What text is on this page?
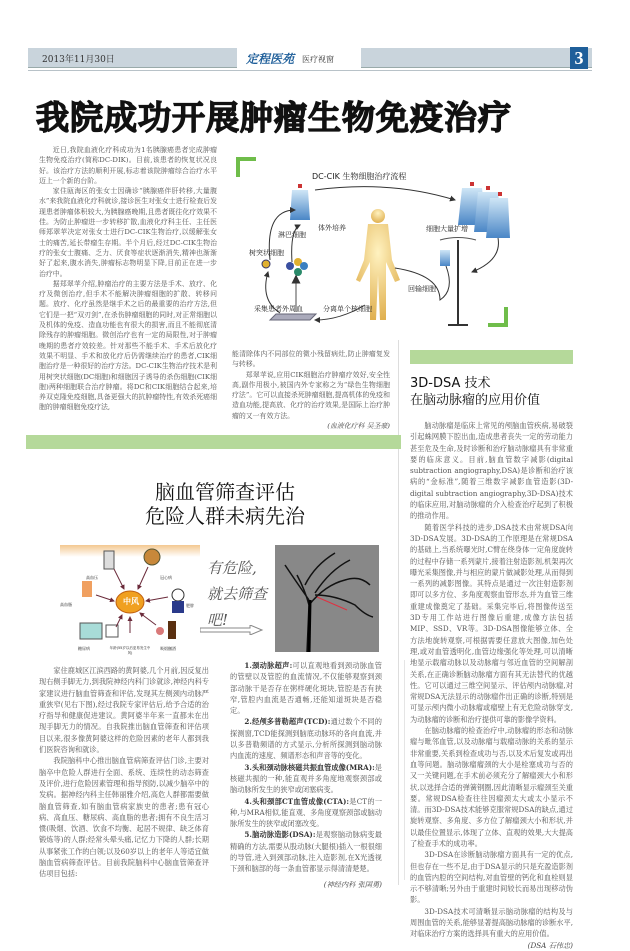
2013年11月30日	定程医苑 医疗视窗	3
我院成功开展肿瘤生物免疫治疗

近日,我院血液化疗科成功为1名胰腺癌患者完成肿瘤生物免疫治疗(简称DC-DIK)。目前,该患者的恢复状况良好。该治疗方法的顺利开展,标志着该院肿瘤综合治疗水平迈上一个新的台阶。

家住瓯海区的张女士因确诊“胰腺癌伴肝转移,大量腹水”来我院血液化疗科就诊,接诊医生对张女士进行检查后发现患者肿瘤体积较大,为胰腺癌晚期,且患者既往化疗效果不佳。为防止肿瘤进一步转移扩散,血液化疗科主任、主任医师郑翠苹决定对张女士进行DC-CIK生物治疗,以缓解张女士的痛苦,延长带瘤生存期。半个月后,经过DC-CIK生物治疗的张女士腹痛、乏力、厌食等症状逐渐消失,精神也渐渐好了起来,腹水消失,肿瘤标志物明显下降,目前正在进一步治疗中。

据郑翠苹介绍,肿瘤治疗的主要方法是手术、放疗、化疗及微创治疗,但手术不能解决肿瘤细胞的扩散、转移问题。放疗、化疗虽然是继手术之后的最重要的治疗方法,但它们是一把“双刃剑”,在杀伤肿瘤细胞的同时,对正常细胞以及机体的免疫、造血功能也有很大的损害,而且不能彻底清除残存的肿瘤细胞。微创治疗也有一定的局限性,对于肿瘤晚期的患者疗效较差。针对那些不能手术、手术后放化疗效果不明显、手术和放化疗后仍需继续治疗的患者,CIK细胞治疗是一种很好的治疗方法。DC-CIK生物治疗技术是利用树突状细胞(DC细胞)和细胞因子诱导的杀伤细胞(CIK细胞)两种细胞联合治疗肿瘤。将DC和CIK细胞结合起来,培养双克隆免疫细胞,具备更强大的抗肿瘤特性,有效杀死癌细胞的肿瘤细胞免疫疗法,

DC-CIK 生物细胞治疗流程
体外培养	细胞大量扩增
淋巴细胞
树突状细胞
回输细胞
采集患者外周血	分离单个核细胞

能清除体内不同部位的微小残留病灶,防止肿瘤复发与转移。

郑翠苹说,应用CIK细胞治疗肿瘤疗效好,安全性高,副作用极小,被国内外专家称之为“绿色生物细胞疗法”。它可以直接杀死肿瘤细胞,提高机体的免疫和造血功能,提高放、化疗的治疗效果,是国际上治疗肿瘤的又一有效方法。

(血液化疗科 吴圣豪)
脑血管筛查评估
危险人群未病先治
中风
高血压	冠心病
高血脂	肥胖
糖尿病	年龄(55岁以后更易发生中风)
吸烟酗酒
有危险,
就去筛查
吧!

家住鹿城区江滨西路的黄阿婆,几个月前,因反复出现右侧手脚无力,到我院神经内科门诊就诊,神经内科专家建议进行脑血管筛查和评估,发现其左侧颈内动脉严重狭窄(见右下图),经过我院专家评估后,给予合适的治疗指导和健康促进建议。黄阿婆半年来一直都未在出现手脚无力的情况。自我院推出脑血管筛查和评估项目以来,很多像黄阿婆这样的危险因素的老年人都到我们医院咨询和就诊。

我院脑科中心推出脑血管病筛查评估门诊,主要对脑卒中危险人群进行全面、系统、连续性的动态筛查及评价,进行危险因素管理和指导预防,以减少脑卒中的发病。据神经内科主任韩丽雅介绍,高危人群都需要做脑血管筛查,如有脑血管病家族史的患者;患有冠心病、高血压、糖尿病、高血脂的患者;拥有不良生活习惯(吸烟、饮酒、饮食不均衡、起居不规律、缺乏体育锻炼等)的人群;经常头晕头痛,记忆力下降的人群;长期从事紧张工作的白领;以及60岁以上的老年人等适宜做脑血管病筛查评估。目前我院脑科中心脑血管筛查评估项目包括:

1.颈动脉超声:可以直观地看到颈动脉血管的管壁以及管腔的血流情况,不仅能够观察到颈部动脉干是否存在粥样硬化斑块,管腔是否有狭窄,管腔内血流是否通畅,还能知道斑块是否稳定。

2.经颅多普勒超声(TCD):通过数个不同的探测窗,TCD能探测到脑底动脉环的各向血流,并以多普勒频谱的方式显示,分析所探测到脑动脉内血流的速度、频谱形态和声音等的变化。

3.头和颈动脉核磁共振血管成像(MRA):是核磁共振的一种,能直观并多角度地观察颈部或脑动脉所发生的狭窄或闭塞病变。

4.头和颈部CT血管成像(CTA):是CT的一种,与MRA相似,能直观、多角度观察颈部或脑动脉所发生的狭窄或闭塞改变。

5.脑动脉造影(DSA):是观察脑动脉病变最精确的方法,需要从股动脉(大腿根)插入一根很细的导管,进入到颈部动脉,注入造影剂,在X光透视下颈和脑部的每一条血管都显示得清清楚楚。

(神经内科 张国勇)
3D-DSA 技术
在脑动脉瘤的应用价值

脑动脉瘤是临床上常见的颅脑血管疾病,易破裂引起蛛网膜下腔出血,造成患者丧失一定的劳动能力甚至危及生命,及时诊断和治疗脑动脉瘤具有非常重要的临床意义。目前,脑血管数字减影(digital subtraction angiography,DSA)是诊断和治疗该病的“金标准”,随着三维数字减影血管造影(3D-digital subtraction angiography,3D-DSA)技术的临床应用,对脑动脉瘤的介入检查治疗起到了积极的推动作用。

随着医学科技的进步,DSA技术由常规DSA向3D-DSA发展。3D-DSA的工作原理是在常规DSA的基础上,当系统曝光时,C臂在绕身体一定角度旋转的过程中存储一系列蒙片,接着注射造影剂,机架再次曝光采集图像,并与相应的蒙片做减影处理,从而得到一系列的减影图像。其特点是通过一次注射造影剂即可以多方位、多角度观察血管形态,并为血管三维重建成像奠定了基础。采集完毕后,将图像传送至3D专用工作站进行图像后重建,成像方法包括MIP、SSD、VR等。3D-DSA图像能够立体、全方法地旋转观察,可根据需要任意放大图像,加色处理,或对血管透明化,血管边缘强化等处理,可以清晰地显示载瘤动脉以及动脉瘤与邻近血管的空间解剖关系,在正确诊断脑动脉瘤方面有其无法替代的优越性。它可以通过三维空间显示、评估颅内动脉瘤,对常规DSA无法显示的动脉瘤作出正确的诊断,特别是可显示颅内微小动脉瘤或瘤壁上有无危险动脉穿支,为动脉瘤的诊断和治疗提供可靠的影像学资料。

在脑动脉瘤的检查治疗中,动脉瘤的形态和动脉瘤与毗邻血管,以及动脉瘤与载瘤动脉的关系的显示非常重要,关系到检查成功与否,以及术后复发或再出血等问题。脑动脉瘤瘤颈的大小是栓塞成功与否的又一关键问题,在手术前必须充分了解瘤颈大小和形状,以选择合适的弹簧钢圈,因此清晰显示瘤颈至关重要。常规DSA检查往往因瘤颈太大或太小显示不清。而3D-DSA技术能够克服常规DSA的缺点,通过旋转观察、多角度、多方位了解瘤颈大小和形状,并以最佳位置显示,体现了立体、直观的效果,大大提高了检查手术的成功率。

3D-DSA在诊断脑动脉瘤方面具有一定的优点,但也存在一些不足,由于DSA显示的只是充盈造影剂的血管内腔的空间结构,对血管壁的钙化和血栓则显示不够清晰;另外由于重建时间较长而易出现移动伪影。

3D-DSA技术可清晰显示脑动脉瘤的结构及与周围血管的关系,能够显著提高脑动脉瘤的诊断水平,对临床治疗方案的选择具有重大的应用价值。

(DSA 石伟忠)
